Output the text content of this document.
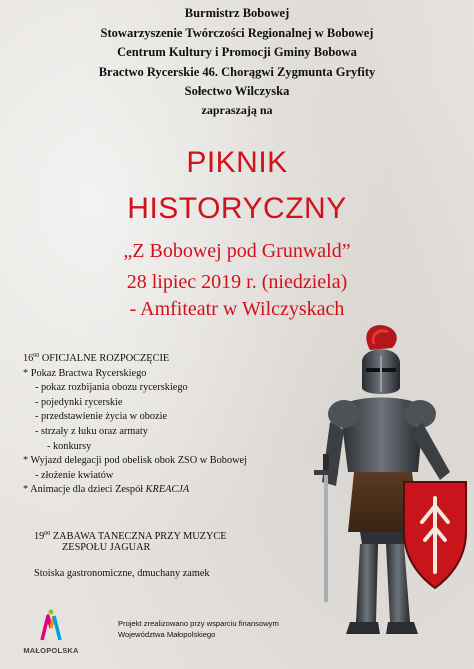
Burmistrz Bobowej
Stowarzyszenie Twórczości Regionalnej w Bobowej
Centrum Kultury i Promocji Gminy Bobowa
Bractwo Rycerskie 46. Chorągwi Zygmunta Gryfity
Sołectwo Wilczyska
zapraszają na
PIKNIK
HISTORYCZNY
„Z Bobowej pod Grunwald”
28 lipiec 2019 r. (niedziela)
- Amfiteatr w Wilczyskach
$16^{00}$ OFICJALNE ROZPOCZĘCIE
* Pokaz Bractwa Rycerskiego
- pokaz rozbijania obozu rycerskiego
- pojedynki rycerskie
- przedstawienie życia w obozie
- strzały z łuku oraz armaty
- konkursy
* Wyjazd delegacji pod obelisk obok ZSO w Bobowej
- złożenie kwiatów
* Animacje dla dzieci Zespół KREACJA
$19^{00}$ ZABAWA TANECZNA PRZY MUZYCE
ZESPOŁU JAGUAR
Stoiska gastronomiczne, dmuchany zamek
MAŁOPOLSKA
Projekt zrealizowano przy wsparciu finansowym
Województwa Małopolskiego
